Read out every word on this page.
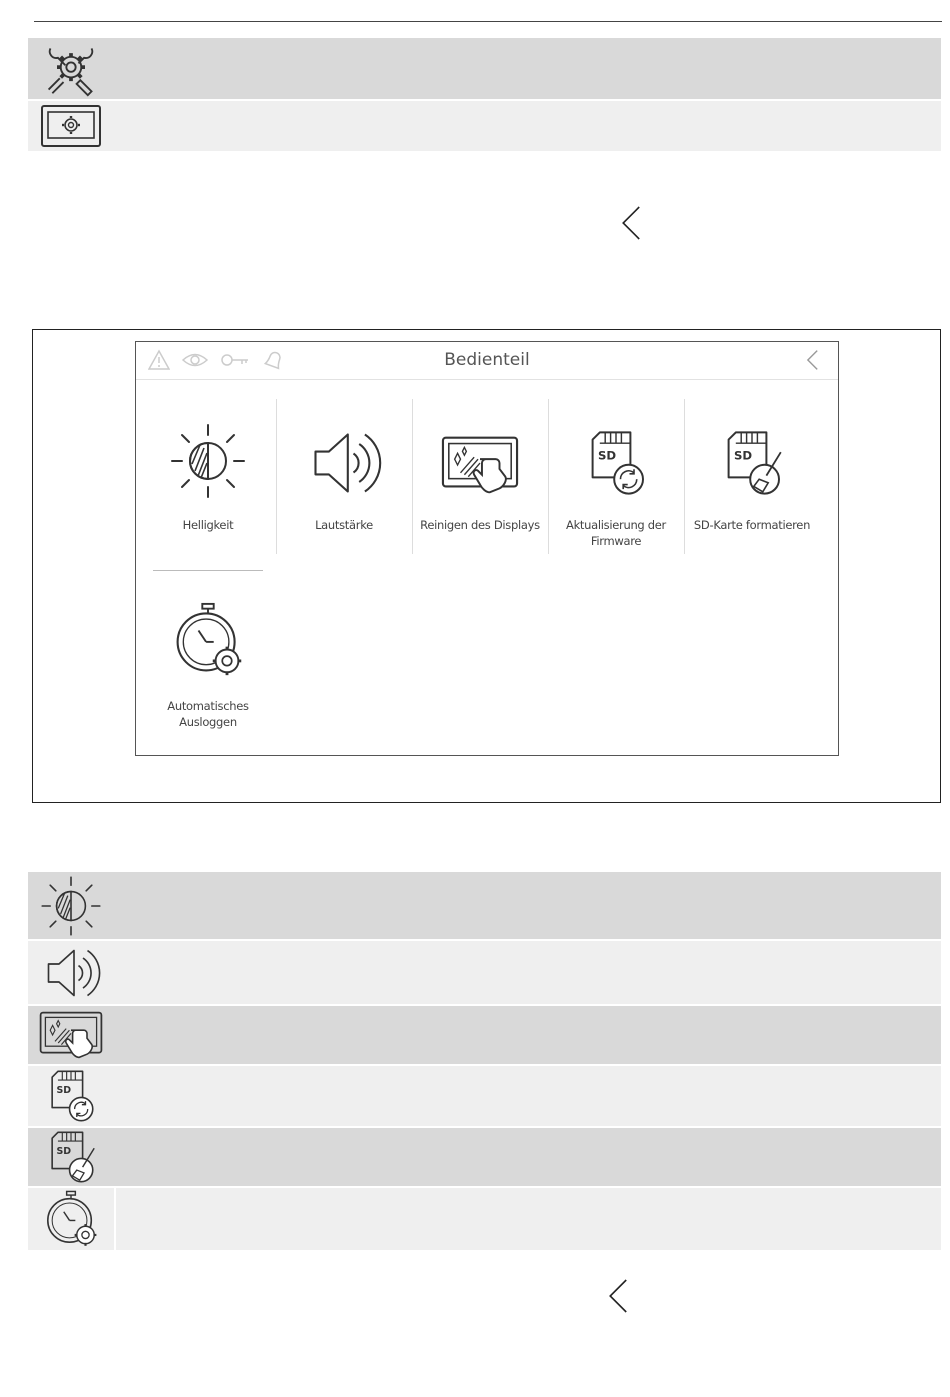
Bedienteil
Helligkeit	Lautstärke	Reinigen des Displays	Aktualisierung der Firmware
SD-Karte formatieren
Automatisches Ausloggen
